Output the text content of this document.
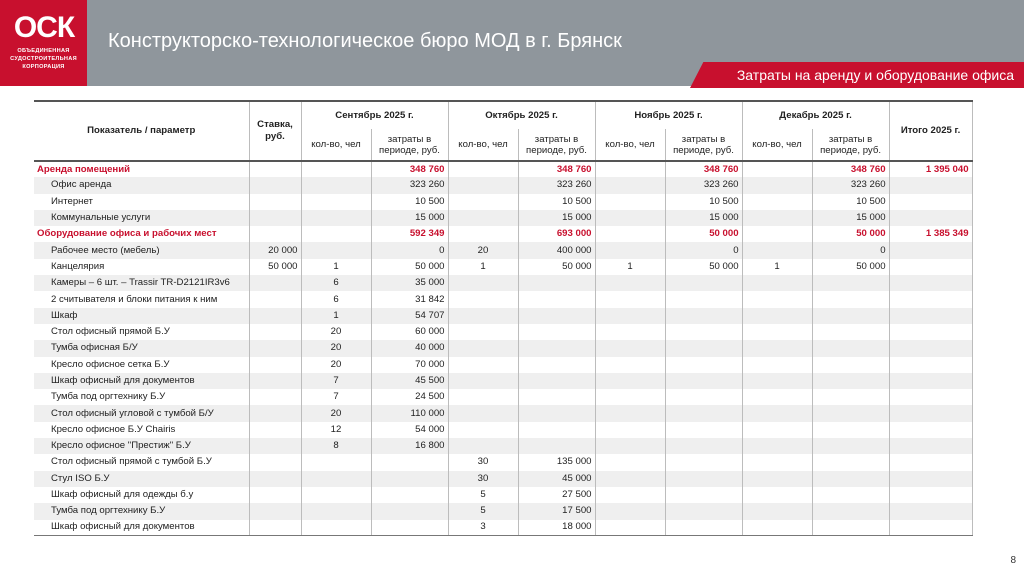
ОСК
ОБЪЕДИНЕННАЯ СУДОСТРОИТЕЛЬНАЯ КОРПОРАЦИЯ
Конструкторско-технологическое бюро МОД в г. Брянск
Затраты на аренду и оборудование офиса
Показатель / параметр	Ставка, руб.	Сентябрь 2025 г.		Октябрь 2025 г.		Ноябрь 2025 г.		Декабрь 2025 г.		Итого 2025 г.
		кол-во, чел	затраты в периоде, руб.	кол-во, чел	затраты в периоде, руб.	кол-во, чел	затраты в периоде, руб.	кол-во, чел	затраты в периоде, руб.	
Аренда помещений			348 760		348 760		348 760		348 760	1 395 040
Офис аренда			323 260		323 260		323 260		323 260	
Интернет			10 500		10 500		10 500		10 500	
Коммунальные услуги			15 000		15 000		15 000		15 000	
Оборудование офиса и рабочих мест			592 349		693 000		50 000		50 000	1 385 349
Рабочее место (мебель)	20 000		0	20	400 000		0		0	
Канцелярия	50 000	1	50 000	1	50 000	1	50 000	1	50 000	
Камеры – 6 шт. – Trassir TR-D2121IR3v6		6	35 000							
2 считывателя и блоки питания к ним		6	31 842							
Шкаф		1	54 707							
Стол офисный прямой Б.У		20	60 000							
Тумба офисная Б/У		20	40 000							
Кресло офисное сетка Б.У		20	70 000							
Шкаф офисный для документов		7	45 500							
Тумба под оргтехнику Б.У		7	24 500							
Стол офисный угловой с тумбой Б/У		20	110 000							
Кресло офисное Б.У Chairis		12	54 000							
Кресло офисное "Престиж" Б.У		8	16 800							
Стол офисный прямой с тумбой Б.У				30	135 000					
Стул ISO Б.У				30	45 000					
Шкаф офисный для одежды б.у				5	27 500					
Тумба под оргтехнику Б.У				5	17 500					
Шкаф офисный для документов				3	18 000					
8
